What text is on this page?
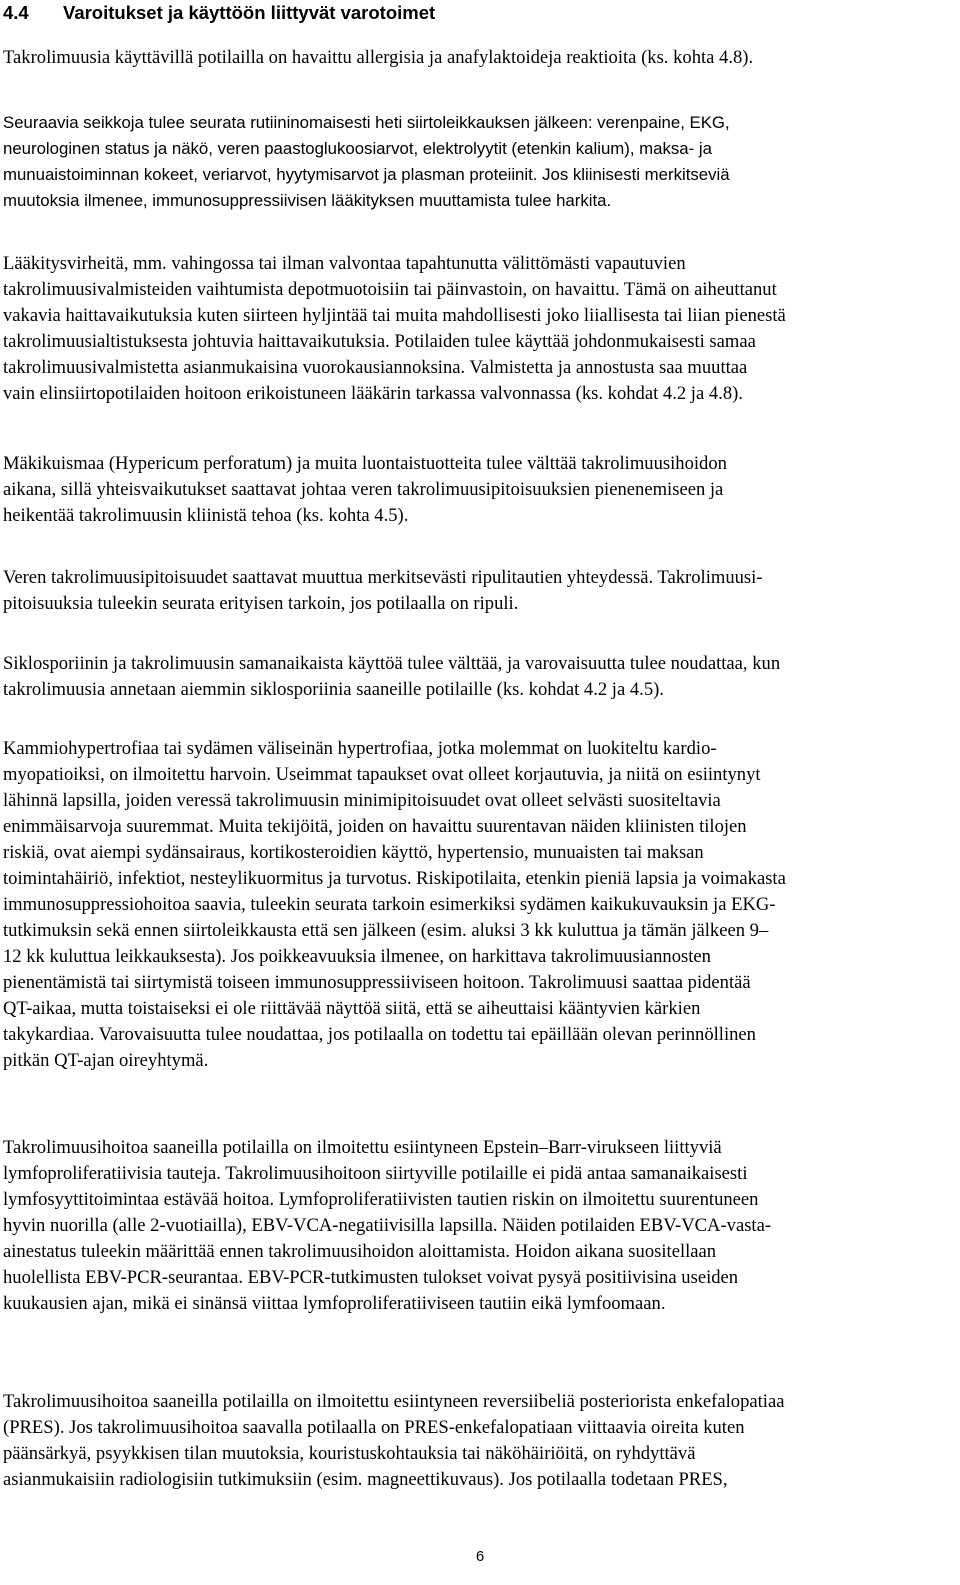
4.4 Varoitukset ja käyttöön liittyvät varotoimet
Takrolimuusia käyttävillä potilailla on havaittu allergisia ja anafylaktoideja reaktioita (ks. kohta 4.8).
Seuraavia seikkoja tulee seurata rutiininomaisesti heti siirtoleikkauksen jälkeen: verenpaine, EKG,
neurologinen status ja näkö, veren paastoglukoosiarvot, elektrolyytit (etenkin kalium), maksa- ja
munuaistoiminnan kokeet, veriarvot, hyytymisarvot ja plasman proteiinit. Jos kliinisesti merkitseviä
muutoksia ilmenee, immunosuppressiivisen lääkityksen muuttamista tulee harkita.
Lääkitysvirheitä, mm. vahingossa tai ilman valvontaa tapahtunutta välittömästi vapautuvien
takrolimuusivalmisteiden vaihtumista depotmuotoisiin tai päinvastoin, on havaittu. Tämä on aiheuttanut
vakavia haittavaikutuksia kuten siirteen hyljintää tai muita mahdollisesti joko liiallisesta tai liian pienestä
takrolimuusialtistuksesta johtuvia haittavaikutuksia. Potilaiden tulee käyttää johdonmukaisesti samaa
takrolimuusivalmistetta asianmukaisina vuorokausiannoksina. Valmistetta ja annostusta saa muuttaa
vain elinsiirtopotilaiden hoitoon erikoistuneen lääkärin tarkassa valvonnassa (ks. kohdat 4.2 ja 4.8).
Mäkikuismaa (Hypericum perforatum) ja muita luontaistuotteita tulee välttää takrolimuusihoidon
aikana, sillä yhteisvaikutukset saattavat johtaa veren takrolimuusipitoisuuksien pienenemiseen ja
heikentää takrolimuusin kliinistä tehoa (ks. kohta 4.5).
Veren takrolimuusipitoisuudet saattavat muuttua merkitsevästi ripulitautien yhteydessä. Takrolimuusi-
pitoisuuksia tuleekin seurata erityisen tarkoin, jos potilaalla on ripuli.
Siklosporiinin ja takrolimuusin samanaikaista käyttöä tulee välttää, ja varovaisuutta tulee noudattaa, kun
takrolimuusia annetaan aiemmin siklosporiinia saaneille potilaille (ks. kohdat 4.2 ja 4.5).
Kammiohypertrofiaa tai sydämen väliseinän hypertrofiaa, jotka molemmat on luokiteltu kardio-
myopatioiksi, on ilmoitettu harvoin. Useimmat tapaukset ovat olleet korjautuvia, ja niitä on esiintynyt
lähinnä lapsilla, joiden veressä takrolimuusin minimipitoisuudet ovat olleet selvästi suositeltavia
enimmäisarvoja suuremmat. Muita tekijöitä, joiden on havaittu suurentavan näiden kliinisten tilojen
riskiä, ovat aiempi sydänsairaus, kortikosteroidien käyttö, hypertensio, munuaisten tai maksan
toimintahäiriö, infektiot, nesteylikuormitus ja turvotus. Riskipotilaita, etenkin pieniä lapsia ja voimakasta
immunosuppressiohoitoa saavia, tuleekin seurata tarkoin esimerkiksi sydämen kaikukuvauksin ja EKG-
tutkimuksin sekä ennen siirtoleikkausta että sen jälkeen (esim. aluksi 3 kk kuluttua ja tämän jälkeen 9–
12 kk kuluttua leikkauksesta). Jos poikkeavuuksia ilmenee, on harkittava takrolimuusiannosten
pienentämistä tai siirtymistä toiseen immunosuppressiiviseen hoitoon. Takrolimuusi saattaa pidentää
QT-aikaa, mutta toistaiseksi ei ole riittävää näyttöä siitä, että se aiheuttaisi kääntyvien kärkien
takykardiaa. Varovaisuutta tulee noudattaa, jos potilaalla on todettu tai epäillään olevan perinnöllinen
pitkän QT-ajan oireyhtymä.
Takrolimuusihoitoa saaneilla potilailla on ilmoitettu esiintyneen Epstein–Barr-virukseen liittyviä
lymfoproliferatiivisia tauteja. Takrolimuusihoitoon siirtyville potilaille ei pidä antaa samanaikaisesti
lymfosyyttitoimintaa estävää hoitoa. Lymfoproliferatiivisten tautien riskin on ilmoitettu suurentuneen
hyvin nuorilla (alle 2-vuotiailla), EBV-VCA-negatiivisilla lapsilla. Näiden potilaiden EBV-VCA-vasta-
ainestatus tuleekin määrittää ennen takrolimuusihoidon aloittamista. Hoidon aikana suositellaan
huolellista EBV-PCR-seurantaa. EBV-PCR-tutkimusten tulokset voivat pysyä positiivisina useiden
kuukausien ajan, mikä ei sinänsä viittaa lymfoproliferatiiviseen tautiin eikä lymfoomaan.
Takrolimuusihoitoa saaneilla potilailla on ilmoitettu esiintyneen reversiibeliä posteriorista enkefalopatiaa
(PRES). Jos takrolimuusihoitoa saavalla potilaalla on PRES-enkefalopatiaan viittaavia oireita kuten
päänsärkyä, psyykkisen tilan muutoksia, kouristuskohtauksia tai näköhäiriöitä, on ryhdyttävä
asianmukaisiin radiologisiin tutkimuksiin (esim. magneettikuvaus). Jos potilaalla todetaan PRES,
6
